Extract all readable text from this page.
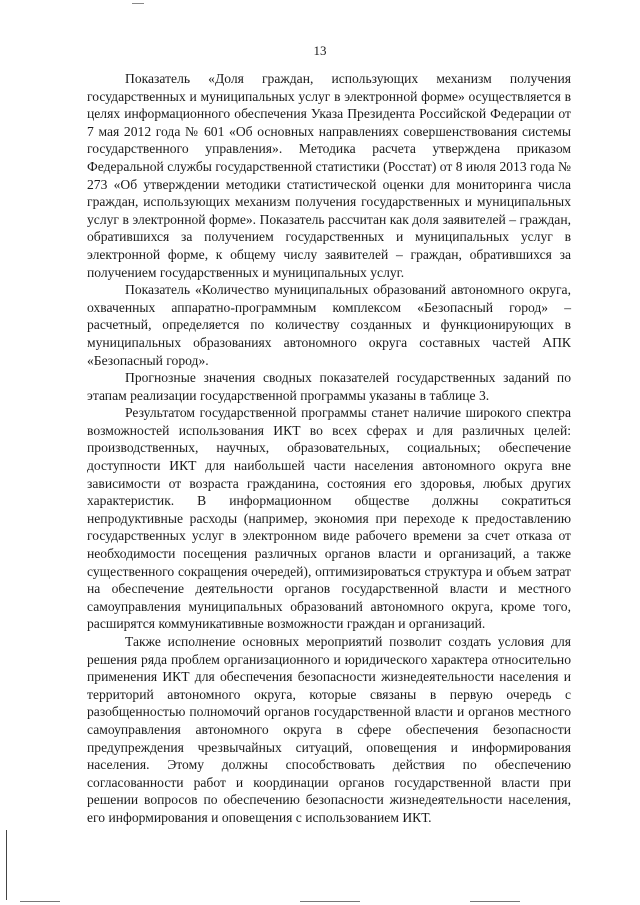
13

Показатель «Доля граждан, использующих механизм получения государственных и муниципальных услуг в электронной форме» осуществляется в целях информационного обеспечения Указа Президента Российской Федерации от 7 мая 2012 года № 601 «Об основных направлениях совершенствования системы государственного управления». Методика расчета утверждена приказом Федеральной службы государственной статистики (Росстат) от 8 июля 2013 года № 273 «Об утверждении методики статистической оценки для мониторинга числа граждан, использующих механизм получения государственных и муниципальных услуг в электронной форме». Показатель рассчитан как доля заявителей – граждан, обратившихся за получением государственных и муниципальных услуг в электронной форме, к общему числу заявителей – граждан, обратившихся за получением государственных и муниципальных услуг.

Показатель «Количество муниципальных образований автономного округа, охваченных аппаратно-программным комплексом «Безопасный город» – расчетный, определяется по количеству созданных и функционирующих в муниципальных образованиях автономного округа составных частей АПК «Безопасный город».

Прогнозные значения сводных показателей государственных заданий по этапам реализации государственной программы указаны в таблице 3.

Результатом государственной программы станет наличие широкого спектра возможностей использования ИКТ во всех сферах и для различных целей: производственных, научных, образовательных, социальных; обеспечение доступности ИКТ для наибольшей части населения автономного округа вне зависимости от возраста гражданина, состояния его здоровья, любых других характеристик. В информационном обществе должны сократиться непродуктивные расходы (например, экономия при переходе к предоставлению государственных услуг в электронном виде рабочего времени за счет отказа от необходимости посещения различных органов власти и организаций, а также существенного сокращения очередей), оптимизироваться структура и объем затрат на обеспечение деятельности органов государственной власти и местного самоуправления муниципальных образований автономного округа, кроме того, расширятся коммуникативные возможности граждан и организаций.

Также исполнение основных мероприятий позволит создать условия для решения ряда проблем организационного и юридического характера относительно применения ИКТ для обеспечения безопасности жизнедеятельности населения и территорий автономного округа, которые связаны в первую очередь с разобщенностью полномочий органов государственной власти и органов местного самоуправления автономного округа в сфере обеспечения безопасности предупреждения чрезвычайных ситуаций, оповещения и информирования населения. Этому должны способствовать действия по обеспечению согласованности работ и координации органов государственной власти при решении вопросов по обеспечению безопасности жизнедеятельности населения, его информирования и оповещения с использованием ИКТ.
